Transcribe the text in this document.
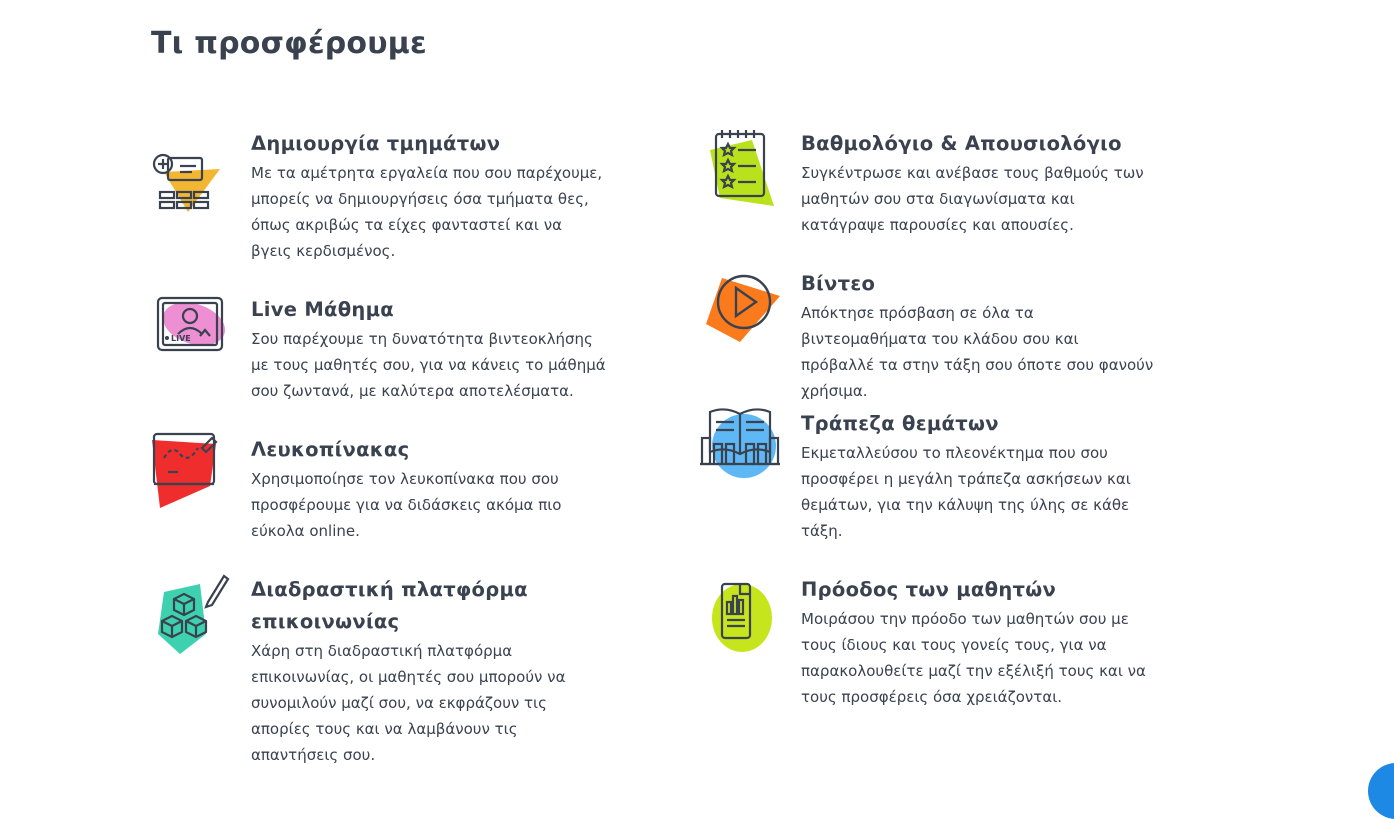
Τι προσφέρουμε
Δημιουργία τμημάτων

Με τα αμέτρητα εργαλεία που σου παρέχουμε, μπορείς να δημιουργήσεις όσα τμήματα θες, όπως ακριβώς τα είχες φανταστεί και να βγεις κερδισμένος.

LIVE
Live Μάθημα

Σου παρέχουμε τη δυνατότητα βιντεοκλήσης με τους μαθητές σου, για να κάνεις το μάθημά σου ζωντανά, με καλύτερα αποτελέσματα.

Λευκοπίνακας

Χρησιμοποίησε τον λευκοπίνακα που σου προσφέρουμε για να διδάσκεις ακόμα πιο εύκολα online.

Διαδραστική πλατφόρμα επικοινωνίας

Χάρη στη διαδραστική πλατφόρμα επικοινωνίας, οι μαθητές σου μπορούν να συνομιλούν μαζί σου, να εκφράζουν τις απορίες τους και να λαμβάνουν τις απαντήσεις σου.

Βαθμολόγιο & Απουσιολόγιο

Συγκέντρωσε και ανέβασε τους βαθμούς των μαθητών σου στα διαγωνίσματα και κατάγραψε παρουσίες και απουσίες.

Βίντεο

Απόκτησε πρόσβαση σε όλα τα βιντεομαθήματα του κλάδου σου και πρόβαλλέ τα στην τάξη σου όποτε σου φανούν χρήσιμα.

Τράπεζα θεμάτων

Εκμεταλλεύσου το πλεονέκτημα που σου προσφέρει η μεγάλη τράπεζα ασκήσεων και θεμάτων, για την κάλυψη της ύλης σε κάθε τάξη.

Πρόοδος των μαθητών

Μοιράσου την πρόοδο των μαθητών σου με τους ίδιους και τους γονείς τους, για να παρακολουθείτε μαζί την εξέλιξή τους και να τους προσφέρεις όσα χρειάζονται.
